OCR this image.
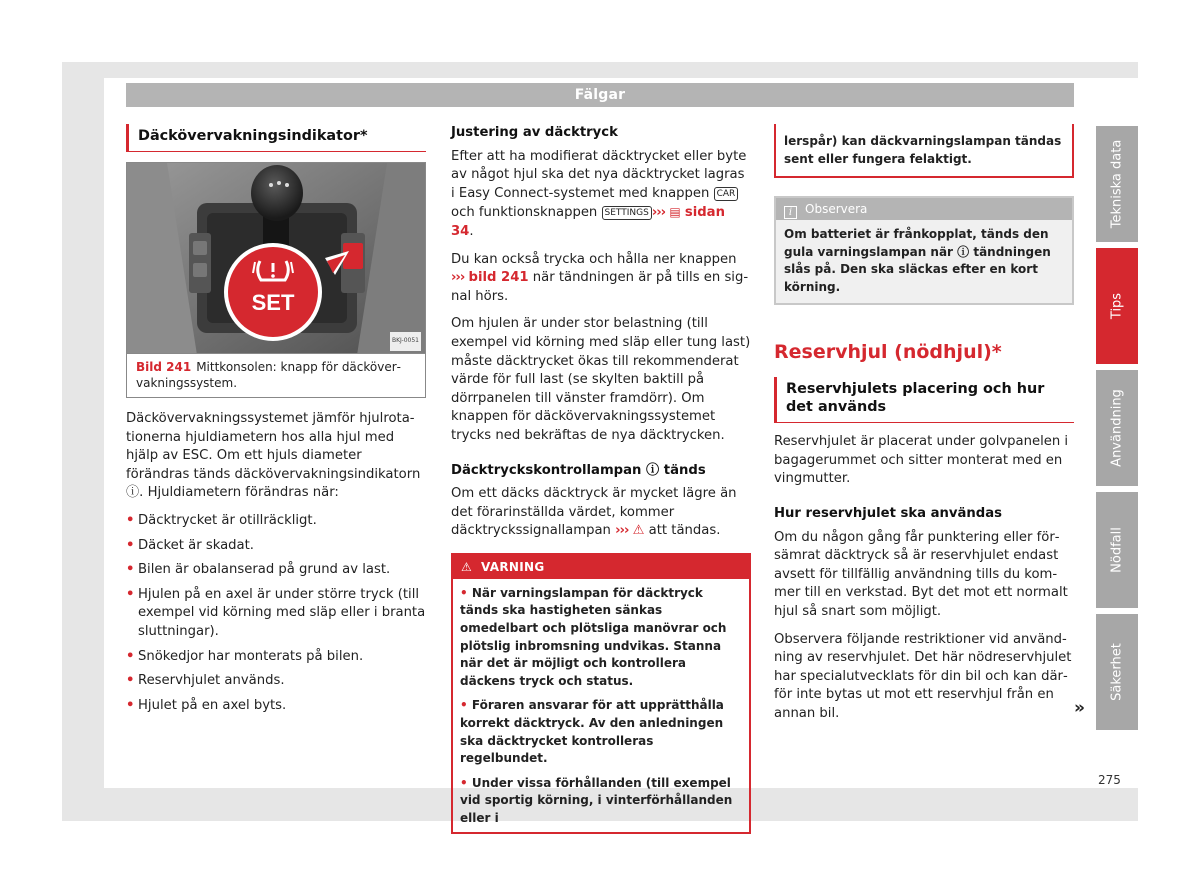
Fälgar
Däckövervakningsindikator*
SET
BKJ-0051
Bild 241 Mittkonsolen: knapp för däckövervakningssystem.

Däckövervakningssystemet jämför hjulrotationerna hjuldiametern hos alla hjul med hjälp av ESC. Om ett hjuls diameter förändras tänds däckövervakningsindikatorn ⓘ. Hjuldiametern förändras när:

• Däcktrycket är otillräckligt.
• Däcket är skadat.
• Bilen är obalanserad på grund av last.
• Hjulen på en axel är under större tryck (till exempel vid körning med släp eller i branta sluttningar).
• Snökedjor har monterats på bilen.
• Reservhjulet används.
• Hjulet på en axel byts.
Justering av däcktryck

Efter att ha modifierat däcktrycket eller byte av något hjul ska det nya däcktrycket lagras i Easy Connect-systemet med knappen CAR och funktionsknappen SETTINGS ››› ▤ sidan 34.

Du kan också trycka och hålla ner knappen ››› bild 241 när tändningen är på tills en signal hörs.

Om hjulen är under stor belastning (till exempel vid körning med släp eller tung last) måste däcktrycket ökas till rekommenderat värde för full last (se skylten baktill på dörrpanelen till vänster framdörr). Om knappen för däckövervakningssystemet trycks ned bekräftas de nya däcktrycken.

Däcktryckskontrollampan ⓘ tänds

Om ett däcks däcktryck är mycket lägre än det förarinställda värdet, kommer däcktryckssignallampan ››› ⚠ att tändas.

⚠ VARNING
• När varningslampan för däcktryck tänds ska hastigheten sänkas omedelbart och plötsliga manövrar och plötslig inbromsning undvikas. Stanna när det är möjligt och kontrollera däckens tryck och status.
• Föraren ansvarar för att upprätthålla korrekt däcktryck. Av den anledningen ska däcktrycket kontrolleras regelbundet.
• Under vissa förhållanden (till exempel vid sportig körning, i vinterförhållanden eller i
lerspår) kan däckvarningslampan tändas sent eller fungera felaktigt.
i Observera
Om batteriet är frånkopplat, tänds den gula varningslampan när ⓘ tändningen slås på. Den ska släckas efter en kort körning.
Reservhjul (nödhjul)*
Reservhjulets placering och hur det används

Reservhjulet är placerat under golvpanelen i bagagerummet och sitter monterat med en vingmutter.

Hur reservhjulet ska användas

Om du någon gång får punktering eller försämrat däcktryck så är reservhjulet endast avsett för tillfällig användning tills du kommer till en verkstad. Byt det mot ett normalt hjul så snart som möjligt.

Observera följande restriktioner vid användning av reservhjulet. Det här nödreservhjulet har specialutvecklats för din bil och kan därför inte bytas ut mot ett reservhjul från en annan bil.	»
Tekniska data
Tips
Användning
Nödfall
Säkerhet
275
